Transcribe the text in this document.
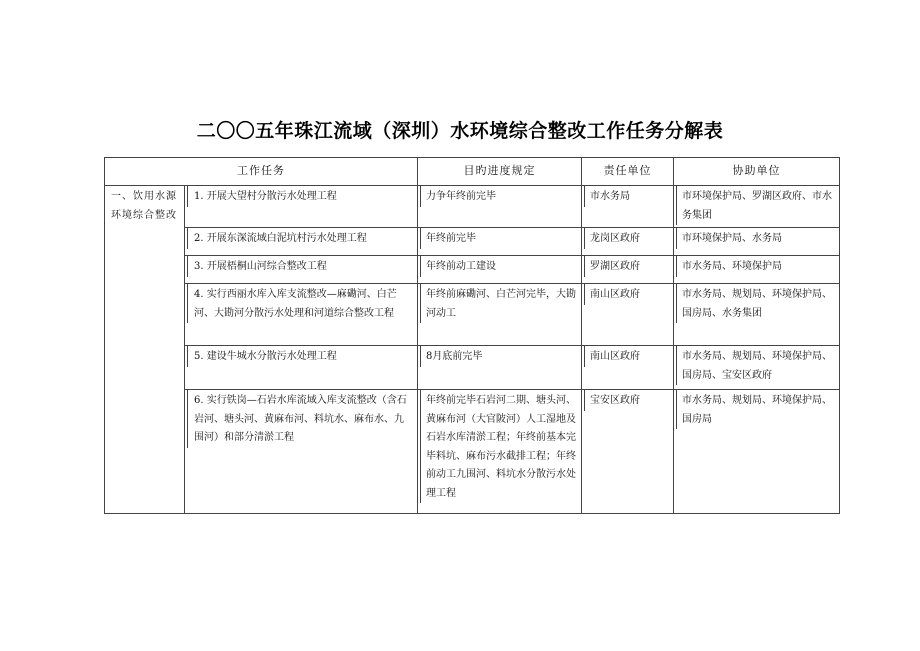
二〇〇五年珠江流域（深圳）水环境综合整改工作任务分解表
工作任务		目旳进度规定	责任单位	协助单位

一、饮用水源环境综合整改	1. 开展大望村分散污水处理工程	力争年终前完毕	市水务局	市环境保护局、罗湖区政府、市水务集团

	2. 开展东深流域白泥坑村污水处理工程	年终前完毕	龙岗区政府	市环境保护局、水务局

	3. 开展梧桐山河综合整改工程	年终前动工建设	罗湖区政府	市水务局、环境保护局

	4. 实行西丽水库入库支流整改—麻磡河、白芒河、大勘河分散污水处理和河道综合整改工程	年终前麻磡河、白芒河完毕，大勘河动工	南山区政府	市水务局、规划局、环境保护局、国房局、水务集团

	5. 建设牛城水分散污水处理工程	8月底前完毕	南山区政府	市水务局、规划局、环境保护局、国房局、宝安区政府

	6. 实行铁岗—石岩水库流域入库支流整改（含石岩河、塘头河、黄麻布河、料坑水、麻布水、九围河）和部分清淤工程	年终前完毕石岩河二期、塘头河、黄麻布河（大官陂河）人工湿地及石岩水库清淤工程；年终前基本完毕料坑、麻布污水截排工程；年终前动工九围河、料坑水分散污水处理工程	宝安区政府	市水务局、规划局、环境保护局、国房局
